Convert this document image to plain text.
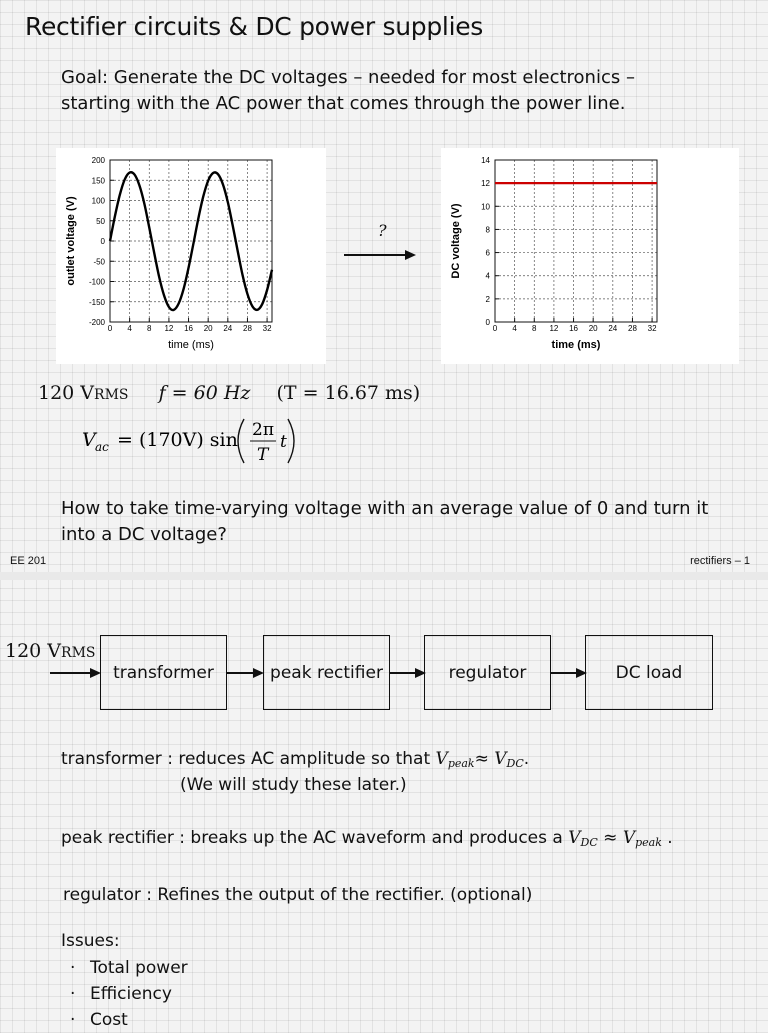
Rectifier circuits & DC power supplies
Goal: Generate the DC voltages – needed for most electronics –
starting with the AC power that comes through the power line.
0 4 8 12 16 20 24 28 32
200
150
100
50
0
-50
-100
-150
-200
time (ms)
outlet voltage (V)	?
0 4 8 12 16 20 24 28 32
14
12
10
8
6
4
2
0
time (ms)
DC voltage (V)
120 VRMS f = 60 Hz (T = 16.67 ms)
V ac = (170V) sin 2π
T
t
How to take time-varying voltage with an average value of 0 and turn it
into a DC voltage?
EE 201	rectifiers – 1
120 VRMS
transformer	peak rectifier	regulator	DC load
transformer : reduces AC amplitude so that $V_{peak}\approx V_{DC}$.
(We will study these later.)
peak rectifier : breaks up the AC waveform and produces a $V_{DC} \approx V_{peak}$ .
regulator : Refines the output of the rectifier. (optional)
Issues:
· Total power
· Efficiency
· Cost
